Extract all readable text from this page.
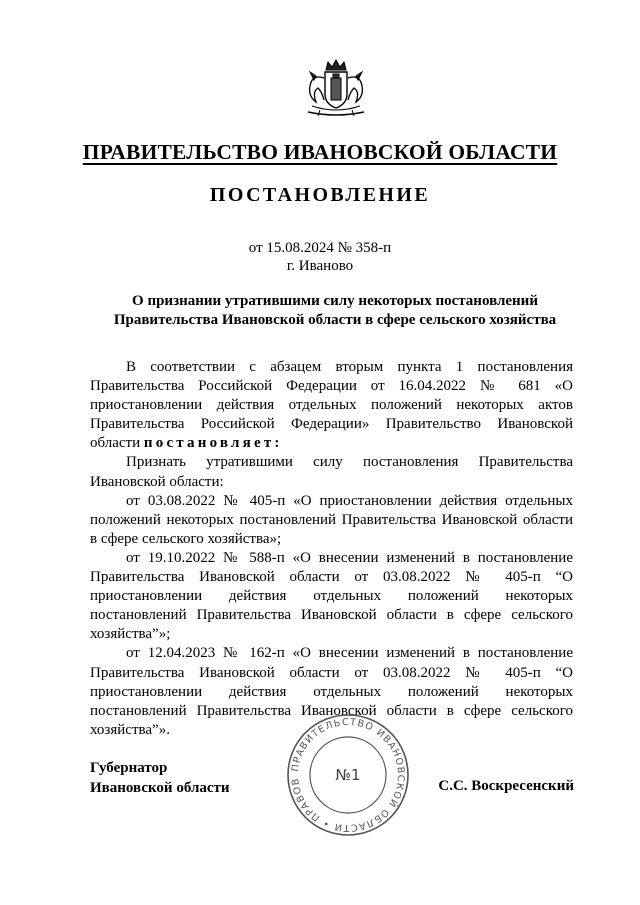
ПРАВИТЕЛЬСТВО ИВАНОВСКОЙ ОБЛАСТИ
ПОСТАНОВЛЕНИЕ
от 15.08.2024 № 358-п
г. Иваново
О признании утратившими силу некоторых постановлений
Правительства Ивановской области в сфере сельского хозяйства

В соответствии с абзацем вторым пункта 1 постановления Правительства Российской Федерации от 16.04.2022 № 681 «О приостановлении действия отдельных положений некоторых актов Правительства Российской Федерации» Правительство Ивановской области постановляет:

Признать утратившими силу постановления Правительства Ивановской области:

от 03.08.2022 № 405-п «О приостановлении действия отдельных положений некоторых постановлений Правительства Ивановской области в сфере сельского хозяйства»;

от 19.10.2022 № 588-п «О внесении изменений в постановление Правительства Ивановской области от 03.08.2022 № 405-п “О приостановлении действия отдельных положений некоторых постановлений Правительства Ивановской области в сфере сельского хозяйства”»;

от 12.04.2023 № 162-п «О внесении изменений в постановление Правительства Ивановской области от 03.08.2022 № 405-п “О приостановлении действия отдельных положений некоторых постановлений Правительства Ивановской области в сфере сельского хозяйства”».

Губернатор
Ивановской области
ПРАВИТЕЛЬСТВО ИВАНОВСКОЙ ОБЛАСТИ • ПРАВОВ	№1
С.С. Воскресенский
